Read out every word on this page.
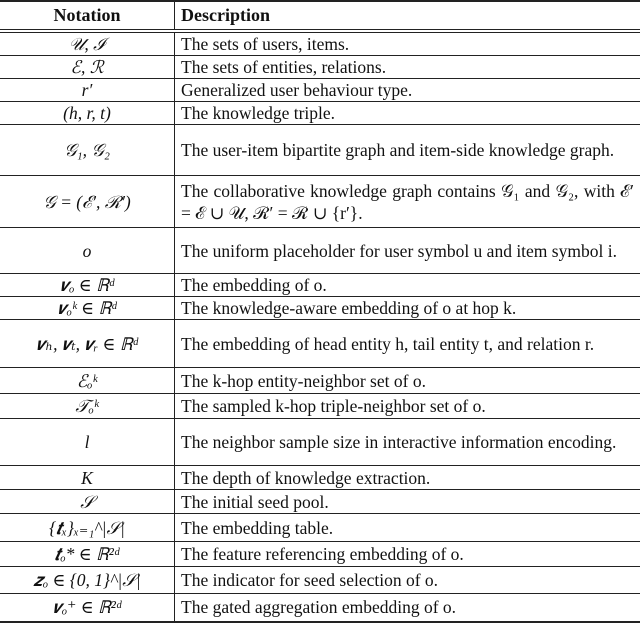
Notation	Description
𝒰, ℐ	The sets of users, items.
ℰ, ℛ	The sets of entities, relations.
r′	Generalized user behaviour type.
(h, r, t)	The knowledge triple.
𝒢₁, 𝒢₂	The user-item bipartite graph and item-side knowledge graph.
𝒢 = (ℰ′, ℛ′)	The collaborative knowledge graph contains 𝒢₁ and 𝒢₂, with ℰ′ = ℰ ∪ 𝒰, ℛ′ = ℛ ∪ {r′}.
o	The uniform placeholder for user symbol u and item symbol i.
𝒗ₒ ∈ ℝᵈ	The embedding of o.
𝒗ₒᵏ ∈ ℝᵈ	The knowledge-aware embedding of o at hop k.
𝒗ₕ, 𝒗ₜ, 𝒗ᵣ ∈ ℝᵈ	The embedding of head entity h, tail entity t, and relation r.
ℰₒᵏ	The k-hop entity-neighbor set of o.
𝒯ₒᵏ	The sampled k-hop triple-neighbor set of o.
l	The neighbor sample size in interactive information encoding.
K	The depth of knowledge extraction.
𝒮	The initial seed pool.
{𝒕ₓ}ₓ₌₁^|𝒮|	The embedding table.
𝒕ₒ* ∈ ℝ²ᵈ	The feature referencing embedding of o.
𝒛ₒ ∈ {0, 1}^|𝒮|	The indicator for seed selection of o.
𝒗ₒ⁺ ∈ ℝ²ᵈ	The gated aggregation embedding of o.
